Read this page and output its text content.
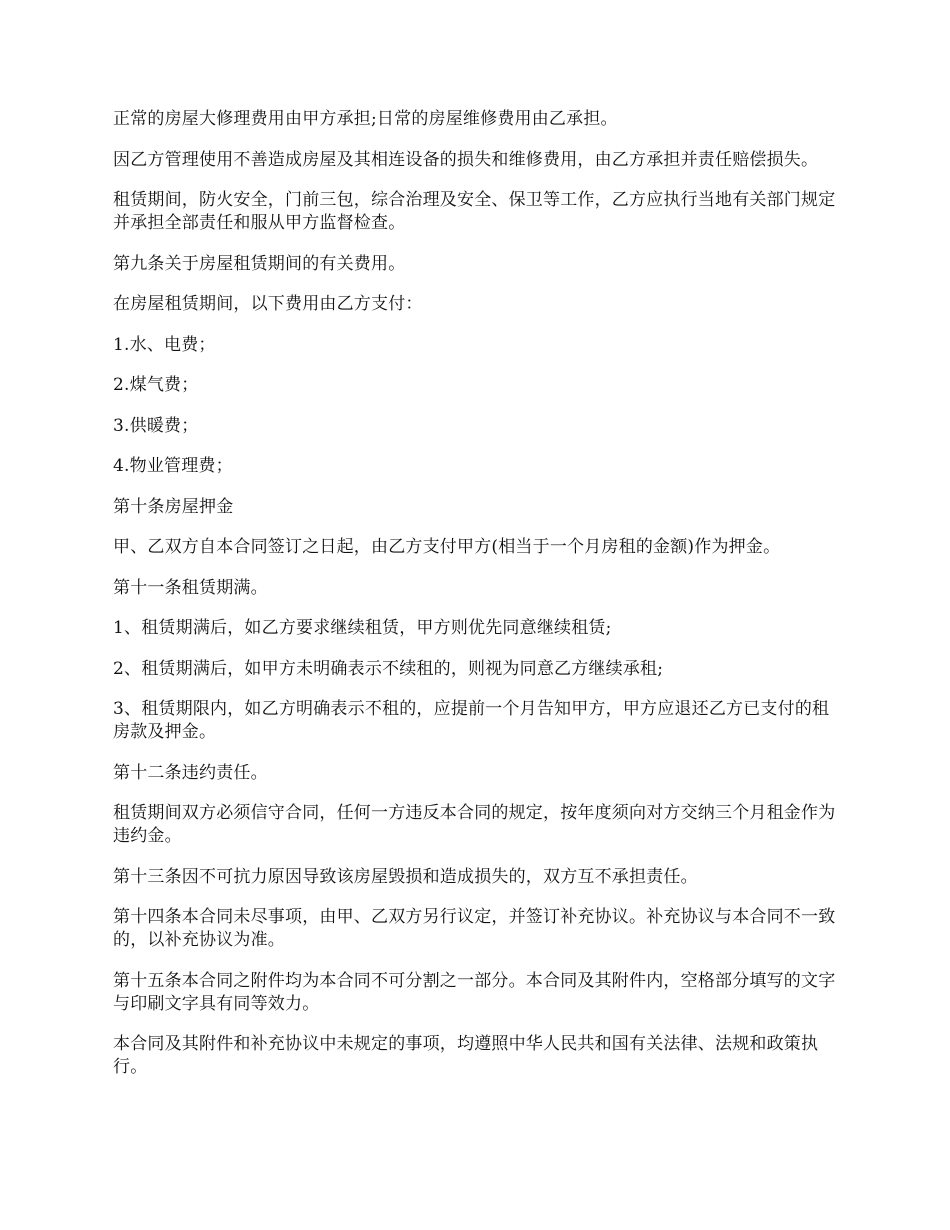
正常的房屋大修理费用由甲方承担;日常的房屋维修费用由乙承担。

因乙方管理使用不善造成房屋及其相连设备的损失和维修费用，由乙方承担并责任赔偿损失。

租赁期间，防火安全，门前三包，综合治理及安全、保卫等工作，乙方应执行当地有关部门规定并承担全部责任和服从甲方监督检查。

第九条关于房屋租赁期间的有关费用。

在房屋租赁期间，以下费用由乙方支付：

1.水、电费；

2.煤气费；

3.供暖费；

4.物业管理费；

第十条房屋押金

甲、乙双方自本合同签订之日起，由乙方支付甲方(相当于一个月房租的金额)作为押金。

第十一条租赁期满。

1、租赁期满后，如乙方要求继续租赁，甲方则优先同意继续租赁;

2、租赁期满后，如甲方未明确表示不续租的，则视为同意乙方继续承租;

3、租赁期限内，如乙方明确表示不租的，应提前一个月告知甲方，甲方应退还乙方已支付的租房款及押金。

第十二条违约责任。

租赁期间双方必须信守合同，任何一方违反本合同的规定，按年度须向对方交纳三个月租金作为违约金。

第十三条因不可抗力原因导致该房屋毁损和造成损失的，双方互不承担责任。

第十四条本合同未尽事项，由甲、乙双方另行议定，并签订补充协议。补充协议与本合同不一致的，以补充协议为准。

第十五条本合同之附件均为本合同不可分割之一部分。本合同及其附件内，空格部分填写的文字与印刷文字具有同等效力。

本合同及其附件和补充协议中未规定的事项，均遵照中华人民共和国有关法律、法规和政策执行。
